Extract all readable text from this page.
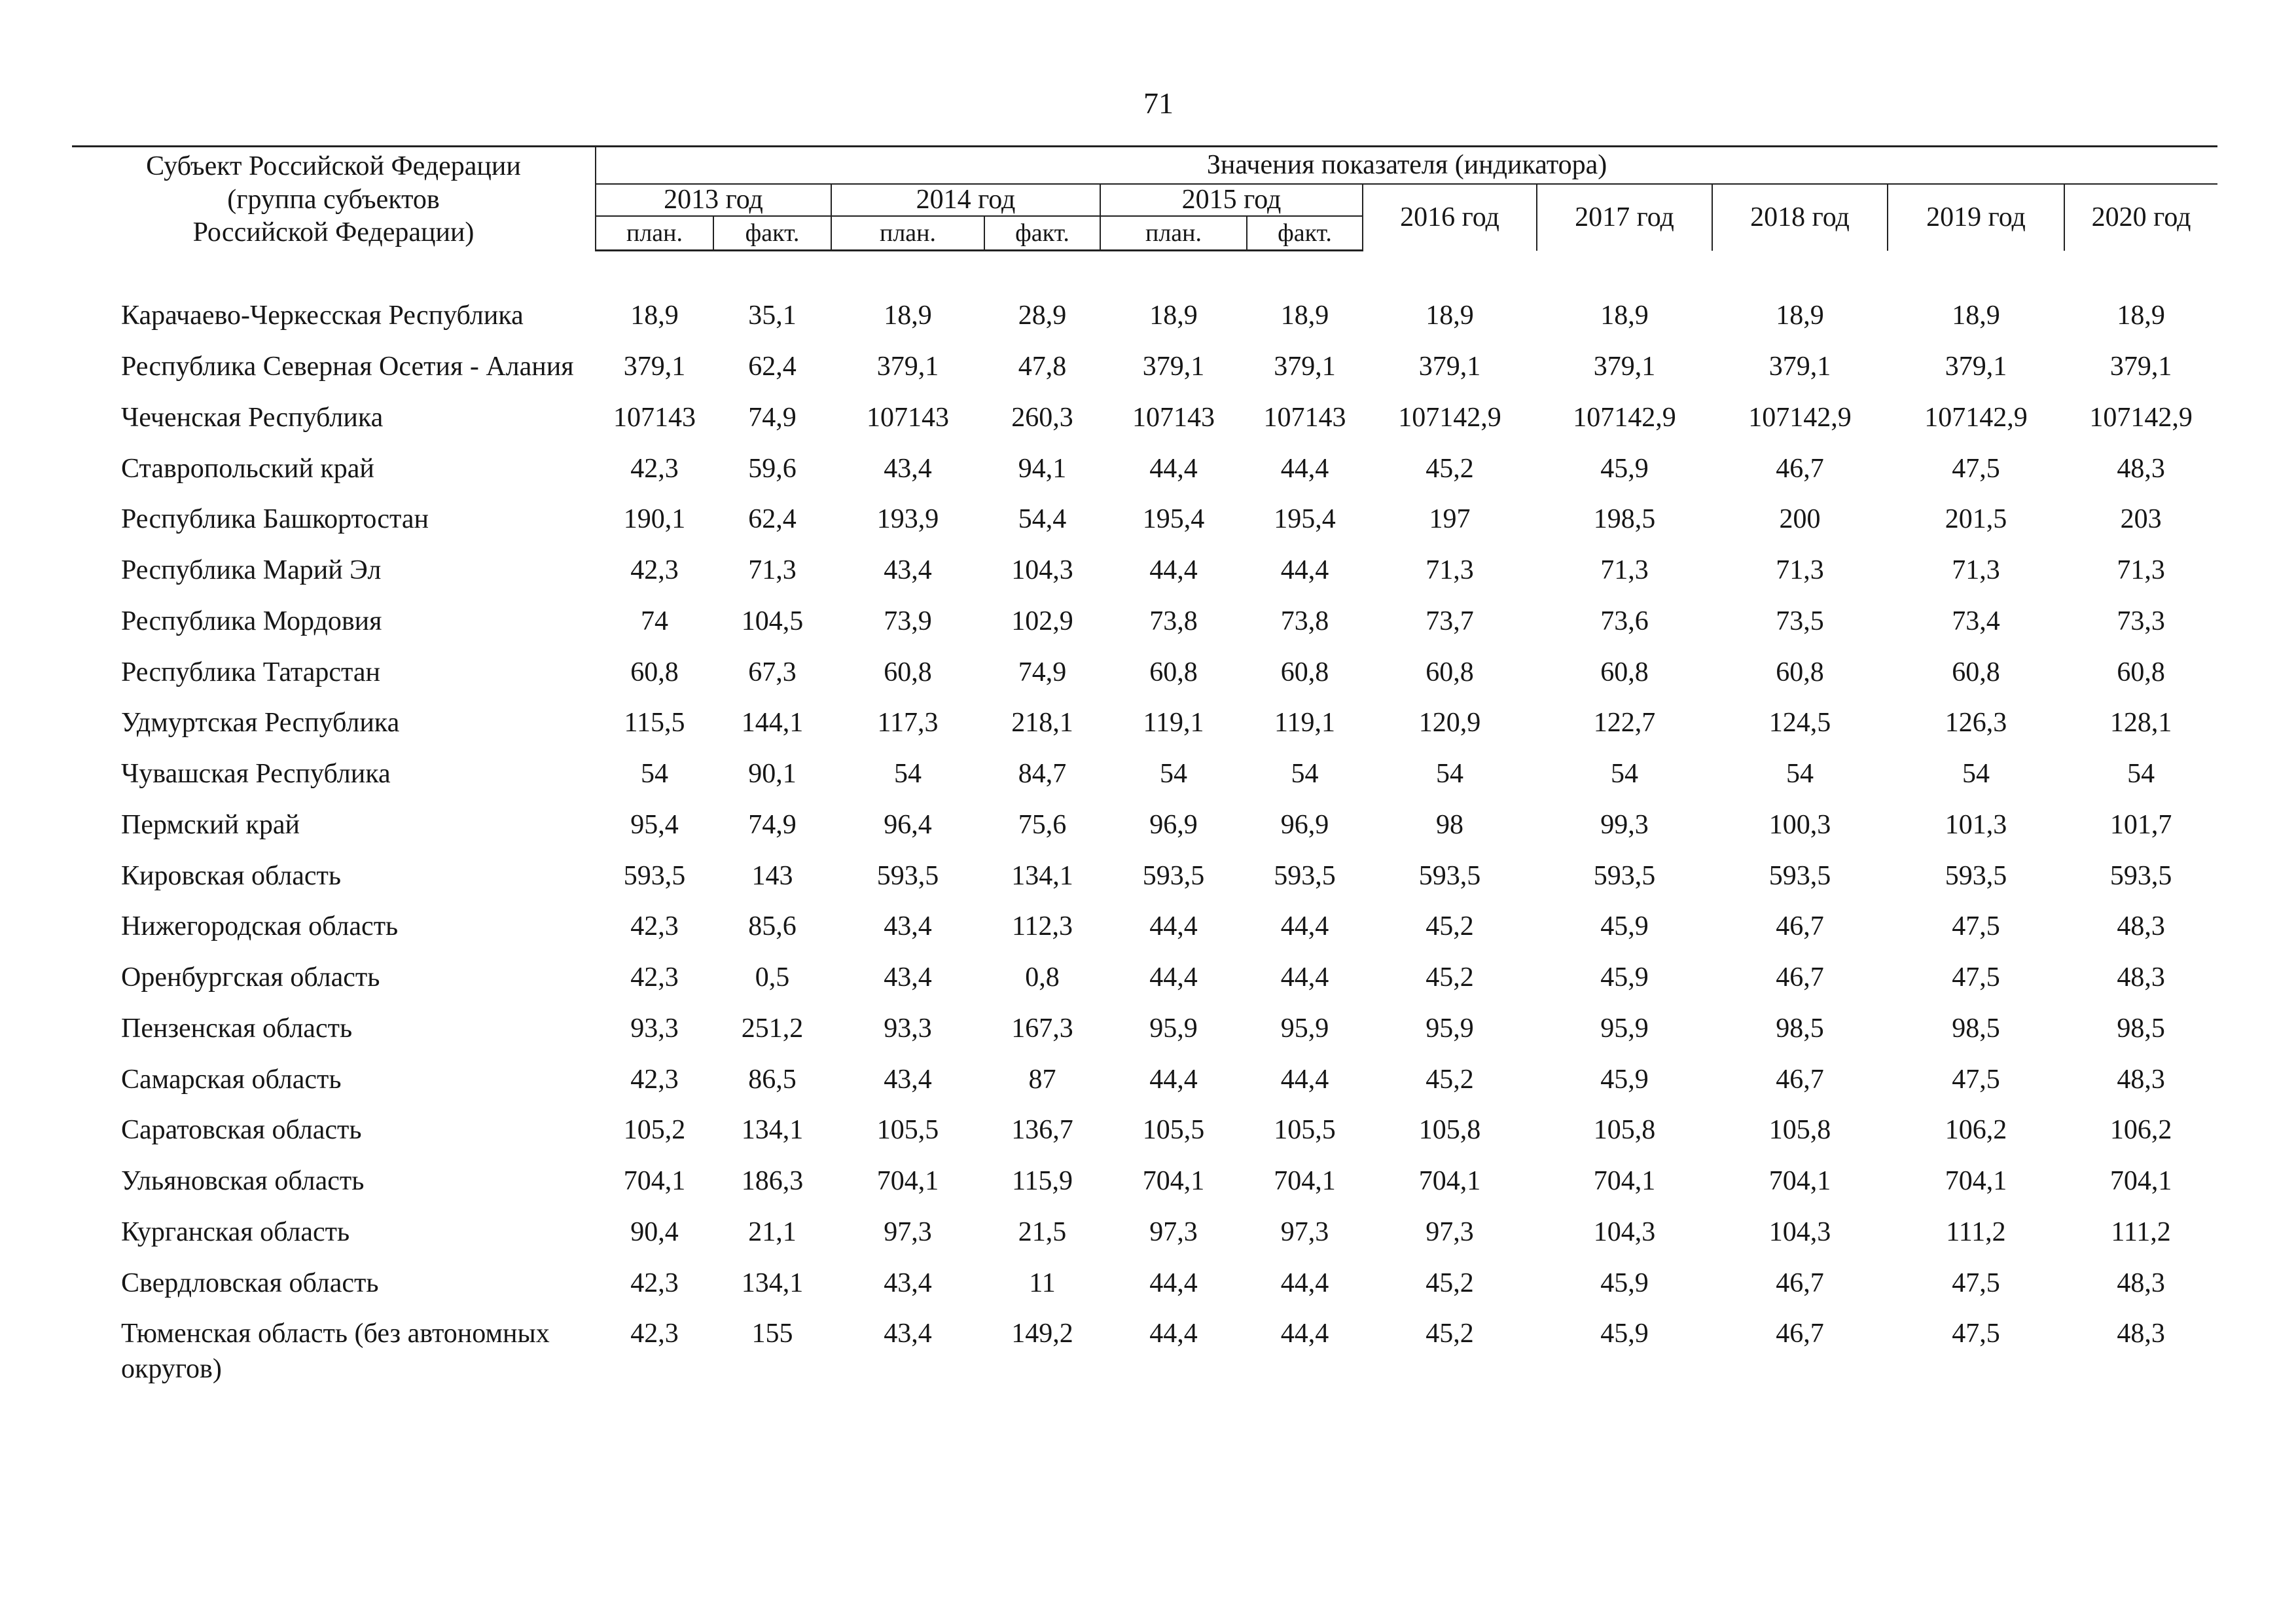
71
Субъект Российской Федерации
(группа субъектов
Российской Федерации)	Значения показателя (индикатора)										
	2013 год		2014 год		2015 год		2016 год	2017 год	2018 год	2019 год	2020 год
	план.	факт.	план.	факт.	план.	факт.					

Карачаево-Черкесская Республика	18,9	35,1	18,9	28,9	18,9	18,9	18,9	18,9	18,9	18,9	18,9
Республика Северная Осетия - Алания	379,1	62,4	379,1	47,8	379,1	379,1	379,1	379,1	379,1	379,1	379,1
Чеченская Республика	107143	74,9	107143	260,3	107143	107143	107142,9	107142,9	107142,9	107142,9	107142,9
Ставропольский край	42,3	59,6	43,4	94,1	44,4	44,4	45,2	45,9	46,7	47,5	48,3
Республика Башкортостан	190,1	62,4	193,9	54,4	195,4	195,4	197	198,5	200	201,5	203
Республика Марий Эл	42,3	71,3	43,4	104,3	44,4	44,4	71,3	71,3	71,3	71,3	71,3
Республика Мордовия	74	104,5	73,9	102,9	73,8	73,8	73,7	73,6	73,5	73,4	73,3
Республика Татарстан	60,8	67,3	60,8	74,9	60,8	60,8	60,8	60,8	60,8	60,8	60,8
Удмуртская Республика	115,5	144,1	117,3	218,1	119,1	119,1	120,9	122,7	124,5	126,3	128,1
Чувашская Республика	54	90,1	54	84,7	54	54	54	54	54	54	54
Пермский край	95,4	74,9	96,4	75,6	96,9	96,9	98	99,3	100,3	101,3	101,7
Кировская область	593,5	143	593,5	134,1	593,5	593,5	593,5	593,5	593,5	593,5	593,5
Нижегородская область	42,3	85,6	43,4	112,3	44,4	44,4	45,2	45,9	46,7	47,5	48,3
Оренбургская область	42,3	0,5	43,4	0,8	44,4	44,4	45,2	45,9	46,7	47,5	48,3
Пензенская область	93,3	251,2	93,3	167,3	95,9	95,9	95,9	95,9	98,5	98,5	98,5
Самарская область	42,3	86,5	43,4	87	44,4	44,4	45,2	45,9	46,7	47,5	48,3
Саратовская область	105,2	134,1	105,5	136,7	105,5	105,5	105,8	105,8	105,8	106,2	106,2
Ульяновская область	704,1	186,3	704,1	115,9	704,1	704,1	704,1	704,1	704,1	704,1	704,1
Курганская область	90,4	21,1	97,3	21,5	97,3	97,3	97,3	104,3	104,3	111,2	111,2
Свердловская область	42,3	134,1	43,4	11	44,4	44,4	45,2	45,9	46,7	47,5	48,3
Тюменская область (без автономных округов)	42,3	155	43,4	149,2	44,4	44,4	45,2	45,9	46,7	47,5	48,3
